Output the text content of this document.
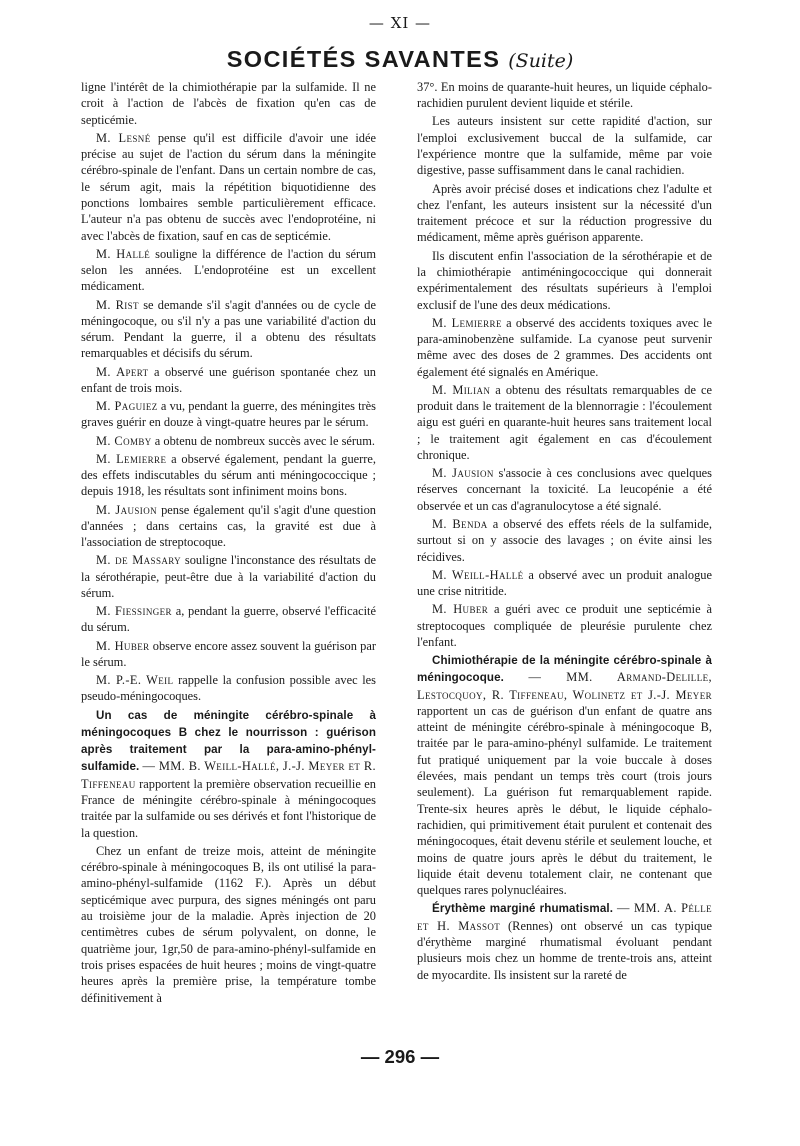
— XI —
SOCIÉTÉS SAVANTES (Suite)

ligne l'intérêt de la chimiothérapie par la sulfamide. Il ne croit à l'action de l'abcès de fixation qu'en cas de septicémie.

M. Lesné pense qu'il est difficile d'avoir une idée précise au sujet de l'action du sérum dans la méningite cérébro-spinale de l'enfant. Dans un certain nombre de cas, le sérum agit, mais la répétition biquotidienne des ponctions lombaires semble particulièrement efficace. L'auteur n'a pas obtenu de succès avec l'endoprotéine, ni avec l'abcès de fixation, sauf en cas de septicémie.

M. Hallé souligne la différence de l'action du sérum selon les années. L'endoprotéine est un excellent médicament.

M. Rist se demande s'il s'agit d'années ou de cycle de méningocoque, ou s'il n'y a pas une variabilité d'action du sérum. Pendant la guerre, il a obtenu des résultats remarquables et décisifs du sérum.

M. Apert a observé une guérison spontanée chez un enfant de trois mois.

M. Paguiez a vu, pendant la guerre, des méningites très graves guérir en douze à vingt-quatre heures par le sérum.

M. Comby a obtenu de nombreux succès avec le sérum.

M. Lemierre a observé également, pendant la guerre, des effets indiscutables du sérum anti méningococcique ; depuis 1918, les résultats sont infiniment moins bons.

M. Jausion pense également qu'il s'agit d'une question d'années ; dans certains cas, la gravité est due à l'association de streptocoque.

M. de Massary souligne l'inconstance des résultats de la sérothérapie, peut-être due à la variabilité d'action du sérum.

M. Fiessinger a, pendant la guerre, observé l'efficacité du sérum.

M. Huber observe encore assez souvent la guérison par le sérum.

M. P.-E. Weil rappelle la confusion possible avec les pseudo-méningocoques.

Un cas de méningite cérébro-spinale à méningocoques B chez le nourrisson : guérison après traitement par la para-amino-phényl-sulfamide. — MM. B. Weill-Hallé, J.-J. Meyer et R. Tiffeneau rapportent la première observation recueillie en France de méningite cérébro-spinale à méningocoques traitée par la sulfamide ou ses dérivés et font l'historique de la question.

Chez un enfant de treize mois, atteint de méningite cérébro-spinale à méningocoques B, ils ont utilisé la para-amino-phényl-sulfamide (1162 F.). Après un début septicémique avec purpura, des signes méningés ont paru au troisième jour de la maladie. Après injection de 20 centimètres cubes de sérum polyvalent, on donne, le quatrième jour, 1gr,50 de para-amino-phényl-sulfamide en trois prises espacées de huit heures ; moins de vingt-quatre heures après la première prise, la température tombe définitivement à

37°. En moins de quarante-huit heures, un liquide céphalo-rachidien purulent devient liquide et stérile.

Les auteurs insistent sur cette rapidité d'action, sur l'emploi exclusivement buccal de la sulfamide, car l'expérience montre que la sulfamide, même par voie digestive, passe suffisamment dans le canal rachidien.

Après avoir précisé doses et indications chez l'adulte et chez l'enfant, les auteurs insistent sur la nécessité d'un traitement précoce et sur la réduction progressive du médicament, même après guérison apparente.

Ils discutent enfin l'association de la sérothérapie et de la chimiothérapie antiméningococcique qui donnerait expérimentalement des résultats supérieurs à l'emploi exclusif de l'une des deux médications.

M. Lemierre a observé des accidents toxiques avec le para-aminobenzène sulfamide. La cyanose peut survenir même avec des doses de 2 grammes. Des accidents ont également été signalés en Amérique.

M. Milian a obtenu des résultats remarquables de ce produit dans le traitement de la blennorragie : l'écoulement aigu est guéri en quarante-huit heures sans traitement local ; le traitement agit également en cas d'écoulement chronique.

M. Jausion s'associe à ces conclusions avec quelques réserves concernant la toxicité. La leucopénie a été observée et un cas d'agranulocytose a été signalé.

M. Benda a observé des effets réels de la sulfamide, surtout si on y associe des lavages ; on évite ainsi les récidives.

M. Weill-Hallé a observé avec un produit analogue une crise nitritide.

M. Huber a guéri avec ce produit une septicémie à streptocoques compliquée de pleurésie purulente chez l'enfant.

Chimiothérapie de la méningite cérébro-spinale à méningocoque. — MM. Armand-Delille, Lestocquoy, R. Tiffeneau, Wolinetz et J.-J. Meyer rapportent un cas de guérison d'un enfant de quatre ans atteint de méningite cérébro-spinale à méningocoque B, traitée par le para-amino-phényl sulfamide. Le traitement fut pratiqué uniquement par la voie buccale à doses élevées, mais pendant un temps très court (trois jours seulement). La guérison fut remarquablement rapide. Trente-six heures après le début, le liquide céphalo-rachidien, qui primitivement était purulent et contenait des méningocoques, était devenu stérile et seulement louche, et moins de quatre jours après le début du traitement, le liquide était devenu totalement clair, ne contenant que quelques rares polynucléaires.

Érythème marginé rhumatismal. — MM. A. Pélle et H. Massot (Rennes) ont observé un cas typique d'érythème marginé rhumatismal évoluant pendant plusieurs mois chez un homme de trente-trois ans, atteint de myocardite. Ils insistent sur la rareté de

— 296 —
